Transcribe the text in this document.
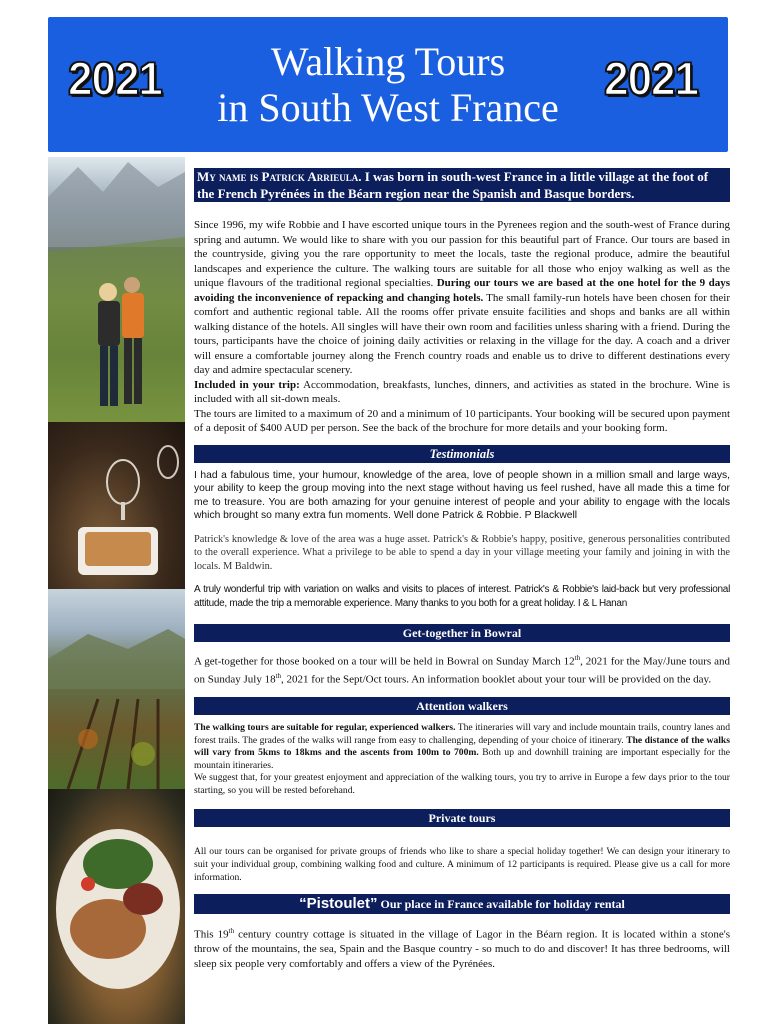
2021	Walking Tours
in South West France
2021
My name is Patrick Arrieula. I was born in south-west France in a little village at the foot of the French Pyrénées in the Béarn region near the Spanish and Basque borders.
Since 1996, my wife Robbie and I have escorted unique tours in the Pyrenees region and the south-west of France during spring and autumn. We would like to share with you our passion for this beautiful part of France. Our tours are based in the countryside, giving you the rare opportunity to meet the locals, taste the regional produce, admire the beautiful landscapes and experience the culture. The walking tours are suitable for all those who enjoy walking as well as the unique flavours of the traditional regional specialties. During our tours we are based at the one hotel for the 9 days avoiding the inconvenience of repacking and changing hotels. The small family-run hotels have been chosen for their comfort and authentic regional table. All the rooms offer private ensuite facilities and shops and banks are all within walking distance of the hotels. All singles will have their own room and facilities unless sharing with a friend. During the tours, participants have the choice of joining daily activities or relaxing in the village for the day. A coach and a driver will ensure a comfortable journey along the French country roads and enable us to drive to different destinations every day and admire spectacular scenery.
Included in your trip: Accommodation, breakfasts, lunches, dinners, and activities as stated in the brochure. Wine is included with all sit-down meals.
The tours are limited to a maximum of 20 and a minimum of 10 participants. Your booking will be secured upon payment of a deposit of $400 AUD per person. See the back of the brochure for more details and your booking form.
Testimonials
I had a fabulous time, your humour, knowledge of the area, love of people shown in a million small and large ways, your ability to keep the group moving into the next stage without having us feel rushed, have all made this a time for me to treasure. You are both amazing for your genuine interest of people and your ability to engage with the locals which brought so many extra fun moments. Well done Patrick & Robbie. P Blackwell
Patrick's knowledge & love of the area was a huge asset. Patrick's & Robbie's happy, positive, generous personalities contributed to the overall experience. What a privilege to be able to spend a day in your village meeting your family and joining in with the locals. M Baldwin.
A truly wonderful trip with variation on walks and visits to places of interest. Patrick's & Robbie's laid-back but very professional attitude, made the trip a memorable experience. Many thanks to you both for a great holiday. I & L Hanan
Get-together in Bowral
A get-together for those booked on a tour will be held in Bowral on Sunday March 12th, 2021 for the May/June tours and on Sunday July 18th, 2021 for the Sept/Oct tours. An information booklet about your tour will be provided on the day.
Attention walkers
The walking tours are suitable for regular, experienced walkers. The itineraries will vary and include mountain trails, country lanes and forest trails. The grades of the walks will range from easy to challenging, depending of your choice of itinerary. The distance of the walks will vary from 5kms to 18kms and the ascents from 100m to 700m. Both up and downhill training are important especially for the mountain itineraries.
We suggest that, for your greatest enjoyment and appreciation of the walking tours, you try to arrive in Europe a few days prior to the tour starting, so you will be rested beforehand.
Private tours
All our tours can be organised for private groups of friends who like to share a special holiday together! We can design your itinerary to suit your individual group, combining walking food and culture. A minimum of 12 participants is required. Please give us a call for more information.
“Pistoulet” Our place in France available for holiday rental
This 19th century country cottage is situated in the village of Lagor in the Béarn region. It is located within a stone's throw of the mountains, the sea, Spain and the Basque country - so much to do and discover! It has three bedrooms, will sleep six people very comfortably and offers a view of the Pyrénées.
